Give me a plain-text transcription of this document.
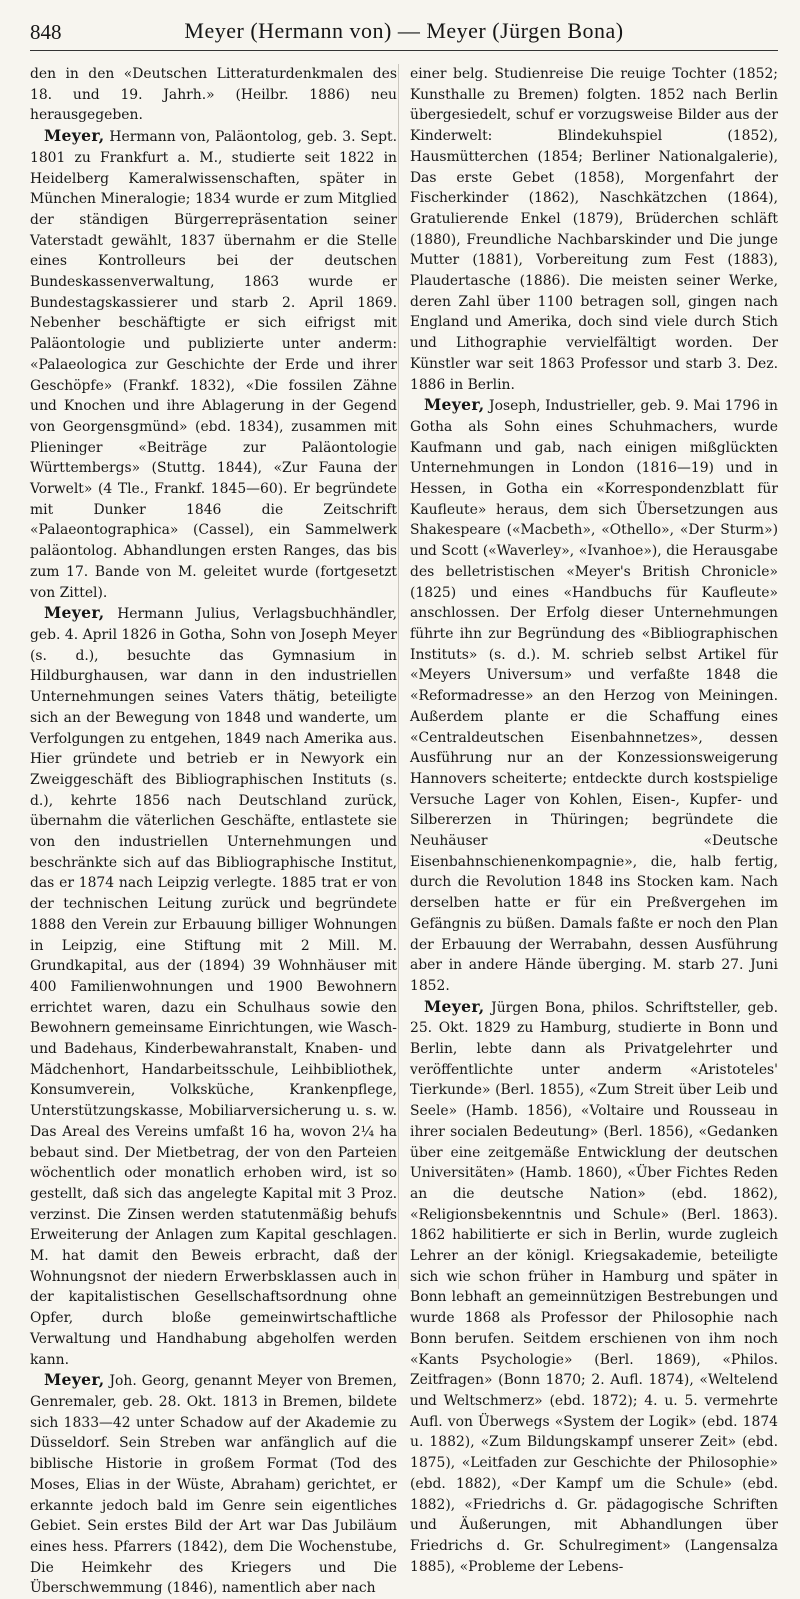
848	Meyer (Hermann von) — Meyer (Jürgen Bona)

den in den «Deutschen Litteraturdenkmalen des 18. und 19. Jahrh.» (Heilbr. 1886) neu herausgegeben.

Meyer, Hermann von, Paläontolog, geb. 3. Sept. 1801 zu Frankfurt a. M., studierte seit 1822 in Heidelberg Kameralwissenschaften, später in München Mineralogie; 1834 wurde er zum Mitglied der ständigen Bürgerrepräsentation seiner Vaterstadt gewählt, 1837 übernahm er die Stelle eines Kontrolleurs bei der deutschen Bundeskassenverwaltung, 1863 wurde er Bundestagskassierer und starb 2. April 1869. Nebenher beschäftigte er sich eifrigst mit Paläontologie und publizierte unter anderm: «Palaeologica zur Geschichte der Erde und ihrer Geschöpfe» (Frankf. 1832), «Die fossilen Zähne und Knochen und ihre Ablagerung in der Gegend von Georgensgmünd» (ebd. 1834), zusammen mit Plieninger «Beiträge zur Paläontologie Württembergs» (Stuttg. 1844), «Zur Fauna der Vorwelt» (4 Tle., Frankf. 1845—60). Er begründete mit Dunker 1846 die Zeitschrift «Palaeontographica» (Cassel), ein Sammelwerk paläontolog. Abhandlungen ersten Ranges, das bis zum 17. Bande von M. geleitet wurde (fortgesetzt von Zittel).

Meyer, Hermann Julius, Verlagsbuchhändler, geb. 4. April 1826 in Gotha, Sohn von Joseph Meyer (s. d.), besuchte das Gymnasium in Hildburghausen, war dann in den industriellen Unternehmungen seines Vaters thätig, beteiligte sich an der Bewegung von 1848 und wanderte, um Verfolgungen zu entgehen, 1849 nach Amerika aus. Hier gründete und betrieb er in Newyork ein Zweiggeschäft des Bibliographischen Instituts (s. d.), kehrte 1856 nach Deutschland zurück, übernahm die väterlichen Geschäfte, entlastete sie von den industriellen Unternehmungen und beschränkte sich auf das Bibliographische Institut, das er 1874 nach Leipzig verlegte. 1885 trat er von der technischen Leitung zurück und begründete 1888 den Verein zur Erbauung billiger Wohnungen in Leipzig, eine Stiftung mit 2 Mill. M. Grundkapital, aus der (1894) 39 Wohnhäuser mit 400 Familienwohnungen und 1900 Bewohnern errichtet waren, dazu ein Schulhaus sowie den Bewohnern gemeinsame Einrichtungen, wie Wasch- und Badehaus, Kinderbewahranstalt, Knaben- und Mädchenhort, Handarbeitsschule, Leihbibliothek, Konsumverein, Volksküche, Krankenpflege, Unterstützungskasse, Mobiliarversicherung u. s. w. Das Areal des Vereins umfaßt 16 ha, wovon 2¼ ha bebaut sind. Der Mietbetrag, der von den Parteien wöchentlich oder monatlich erhoben wird, ist so gestellt, daß sich das angelegte Kapital mit 3 Proz. verzinst. Die Zinsen werden statutenmäßig behufs Erweiterung der Anlagen zum Kapital geschlagen. M. hat damit den Beweis erbracht, daß der Wohnungsnot der niedern Erwerbsklassen auch in der kapitalistischen Gesellschaftsordnung ohne Opfer, durch bloße gemeinwirtschaftliche Verwaltung und Handhabung abgeholfen werden kann.

Meyer, Joh. Georg, genannt Meyer von Bremen, Genremaler, geb. 28. Okt. 1813 in Bremen, bildete sich 1833—42 unter Schadow auf der Akademie zu Düsseldorf. Sein Streben war anfänglich auf die biblische Historie in großem Format (Tod des Moses, Elias in der Wüste, Abraham) gerichtet, er erkannte jedoch bald im Genre sein eigentliches Gebiet. Sein erstes Bild der Art war Das Jubiläum eines hess. Pfarrers (1842), dem Die Wochenstube, Die Heimkehr des Kriegers und Die Überschwemmung (1846), namentlich aber nach

einer belg. Studienreise Die reuige Tochter (1852; Kunsthalle zu Bremen) folgten. 1852 nach Berlin übergesiedelt, schuf er vorzugsweise Bilder aus der Kinderwelt: Blindekuhspiel (1852), Hausmütterchen (1854; Berliner Nationalgalerie), Das erste Gebet (1858), Morgenfahrt der Fischerkinder (1862), Naschkätzchen (1864), Gratulierende Enkel (1879), Brüderchen schläft (1880), Freundliche Nachbarskinder und Die junge Mutter (1881), Vorbereitung zum Fest (1883), Plaudertasche (1886). Die meisten seiner Werke, deren Zahl über 1100 betragen soll, gingen nach England und Amerika, doch sind viele durch Stich und Lithographie vervielfältigt worden. Der Künstler war seit 1863 Professor und starb 3. Dez. 1886 in Berlin.

Meyer, Joseph, Industrieller, geb. 9. Mai 1796 in Gotha als Sohn eines Schuhmachers, wurde Kaufmann und gab, nach einigen mißglückten Unternehmungen in London (1816—19) und in Hessen, in Gotha ein «Korrespondenzblatt für Kaufleute» heraus, dem sich Übersetzungen aus Shakespeare («Macbeth», «Othello», «Der Sturm») und Scott («Waverley», «Ivanhoe»), die Herausgabe des belletristischen «Meyer's British Chronicle» (1825) und eines «Handbuchs für Kaufleute» anschlossen. Der Erfolg dieser Unternehmungen führte ihn zur Begründung des «Bibliographischen Instituts» (s. d.). M. schrieb selbst Artikel für «Meyers Universum» und verfaßte 1848 die «Reformadresse» an den Herzog von Meiningen. Außerdem plante er die Schaffung eines «Centraldeutschen Eisenbahnnetzes», dessen Ausführung nur an der Konzessionsweigerung Hannovers scheiterte; entdeckte durch kostspielige Versuche Lager von Kohlen, Eisen-, Kupfer- und Silbererzen in Thüringen; begründete die Neuhäuser «Deutsche Eisenbahnschienenkompagnie», die, halb fertig, durch die Revolution 1848 ins Stocken kam. Nach derselben hatte er für ein Preßvergehen im Gefängnis zu büßen. Damals faßte er noch den Plan der Erbauung der Werrabahn, dessen Ausführung aber in andere Hände überging. M. starb 27. Juni 1852.

Meyer, Jürgen Bona, philos. Schriftsteller, geb. 25. Okt. 1829 zu Hamburg, studierte in Bonn und Berlin, lebte dann als Privatgelehrter und veröffentlichte unter anderm «Aristoteles' Tierkunde» (Berl. 1855), «Zum Streit über Leib und Seele» (Hamb. 1856), «Voltaire und Rousseau in ihrer socialen Bedeutung» (Berl. 1856), «Gedanken über eine zeitgemäße Entwicklung der deutschen Universitäten» (Hamb. 1860), «Über Fichtes Reden an die deutsche Nation» (ebd. 1862), «Religionsbekenntnis und Schule» (Berl. 1863). 1862 habilitierte er sich in Berlin, wurde zugleich Lehrer an der königl. Kriegsakademie, beteiligte sich wie schon früher in Hamburg und später in Bonn lebhaft an gemeinnützigen Bestrebungen und wurde 1868 als Professor der Philosophie nach Bonn berufen. Seitdem erschienen von ihm noch «Kants Psychologie» (Berl. 1869), «Philos. Zeitfragen» (Bonn 1870; 2. Aufl. 1874), «Weltelend und Weltschmerz» (ebd. 1872); 4. u. 5. vermehrte Aufl. von Überwegs «System der Logik» (ebd. 1874 u. 1882), «Zum Bildungskampf unserer Zeit» (ebd. 1875), «Leitfaden zur Geschichte der Philosophie» (ebd. 1882), «Der Kampf um die Schule» (ebd. 1882), «Friedrichs d. Gr. pädagogische Schriften und Äußerungen, mit Abhandlungen über Friedrichs d. Gr. Schulregiment» (Langensalza 1885), «Probleme der Lebens-
